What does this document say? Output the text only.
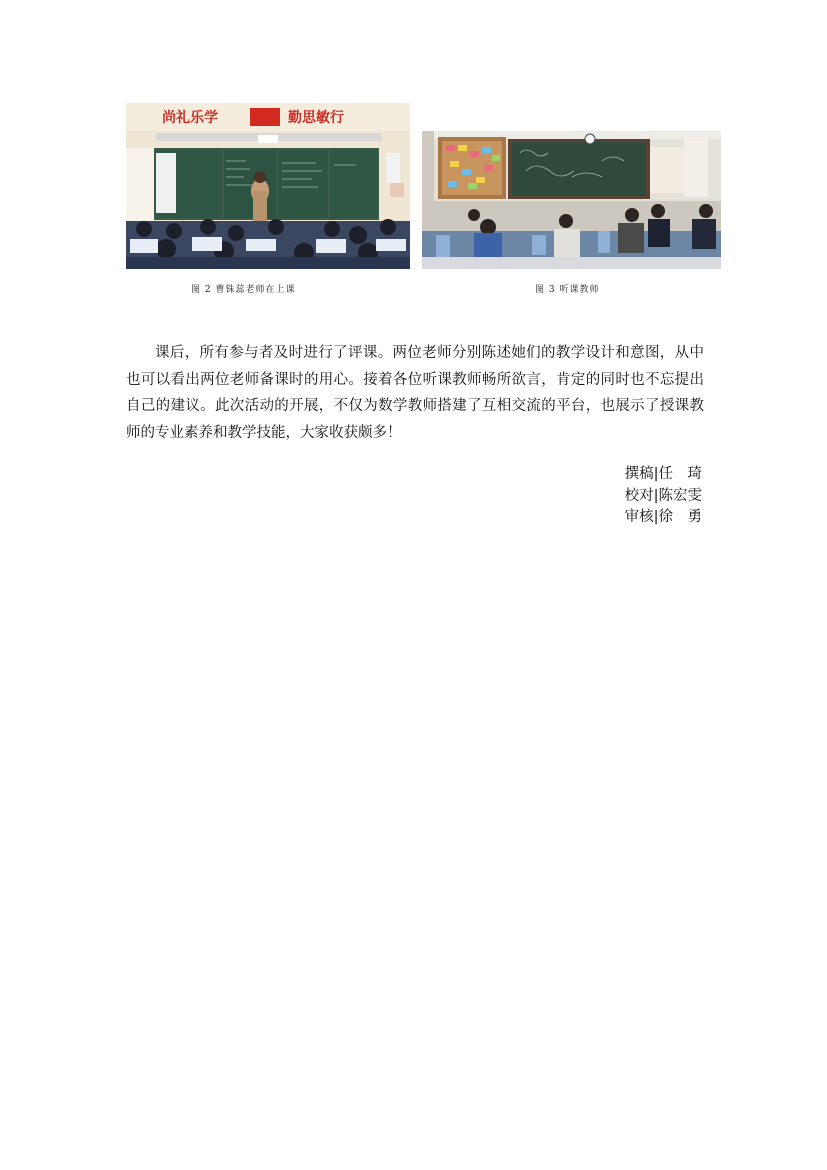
尚礼乐学	勤思敏行
图 2 曹铢蕊老师在上课	图 3 听课教师

课后，所有参与者及时进行了评课。两位老师分别陈述她们的教学设计和意图，从中也可以看出两位老师备课时的用心。接着各位听课教师畅所欲言，肯定的同时也不忘提出自己的建议。此次活动的开展，不仅为数学教师搭建了互相交流的平台，也展示了授课教师的专业素养和教学技能，大家收获颇多！

撰稿|任　琦
校对|陈宏雯
审核|徐　勇
